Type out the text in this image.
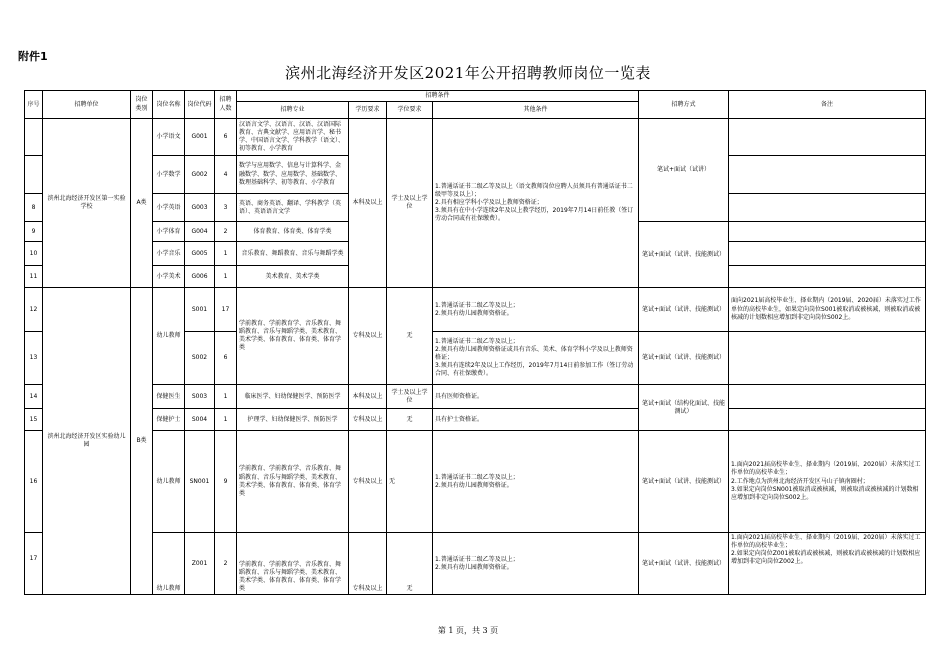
附件1
滨州北海经济开发区2021年公开招聘教师岗位一览表
序号	招聘单位	岗位类别	岗位名称	岗位代码	招聘人数	招聘条件				招聘方式	备注
						招聘专业	学历要求	学位要求	其他条件		
	滨州北海经济开发区第一实验学校	A类	小学语文	G001	6	汉语言文学、汉语言、汉语、汉语国际教育、古典文献学、应用语言学、秘书学、中国语言文学、学科教学（语文）、初等教育、小学教育	本科及以上	学士及以上学位	1.普通话证书二级乙等及以上（语文教师岗位应聘人员须具有普通话证书二级甲等及以上）；
2.具有相应学科小学及以上教师资格证；
3.须具有在中小学连续2年及以上教学经历，2019年7月14日前任教（签订劳动合同或有社保缴费）。	笔试+面试（试讲）	
			小学数学	G002	4	数学与应用数学、信息与计算科学、金融数学、数学、应用数学、基础数学、数理基础科学、初等教育、小学教育					
8			小学英语	G003	3	英语、商务英语、翻译、学科教学（英语）、英语语言文学					
9			小学体育	G004	2	体育教育、体育类、体育学类				笔试+面试（试讲、技能测试）	
10			小学音乐	G005	1	音乐教育、舞蹈教育、音乐与舞蹈学类					
11			小学美术	G006	1	美术教育、美术学类					
12	滨州北海经济开发区实验幼儿园	B类	幼儿教师	S001	17	学前教育、学前教育学、音乐教育、舞蹈教育、音乐与舞蹈学类、美术教育、美术学类、体育教育、体育类、体育学类	专科及以上	无	1.普通话证书二级乙等及以上；
2.须具有幼儿园教师资格证。	笔试+面试（试讲、技能测试）	面向2021届高校毕业生、择业期内（2019届、2020届）未落实过工作单位的高校毕业生，如果定向岗位S001被取消或被核减，则被取消或被核减的计划数相应增加到非定向岗位S002上。
13				S002	6				1.普通话证书二级乙等及以上；
2.须具有幼儿园教师资格证或具有音乐、美术、体育学科小学及以上教师资格证；
3.须具有连续2年及以上工作经历，2019年7月14日前参加工作（签订劳动合同、有社保缴费）。	笔试+面试（试讲、技能测试）	
14			保健医生	S003	1	临床医学、妇幼保健医学、预防医学	本科及以上	学士及以上学位	具有医师资格证。	笔试+面试（结构化面试、技能测试）	
15			保健护士	S004	1	护理学、妇幼保健医学、预防医学	专科及以上	无	具有护士资格证。		
16			幼儿教师	SN001	9	学前教育、学前教育学、音乐教育、舞蹈教育、音乐与舞蹈学类、美术教育、美术学类、体育教育、体育类、体育学类	专科及以上	无	1.普通话证书二级乙等及以上；
2.须具有幼儿园教师资格证。	笔试+面试（试讲、技能测试）	1.面向2021届高校毕业生、择业期内（2019届、2020届）未落实过工作单位的高校毕业生；
2.工作地点为滨州北海经济开发区马山子镇南圈村；
3.如果定向岗位SN001被取消或被核减，则被取消或被核减的计划数相应增加到非定向岗位S002上。
17			幼儿教师	Z001	2	学前教育、学前教育学、音乐教育、舞蹈教育、音乐与舞蹈学类、美术教育、美术学类、体育教育、体育类、体育学类	专科及以上	无	1.普通话证书二级乙等及以上；
2.须具有幼儿园教师资格证。	笔试+面试（试讲、技能测试）	1.面向2021届高校毕业生、择业期内（2019届、2020届）未落实过工作单位的高校毕业生；
2.如果定向岗位Z001被取消或被核减，则被取消或被核减的计划数相应增加到非定向岗位Z002上。
第 1 页，共 3 页
